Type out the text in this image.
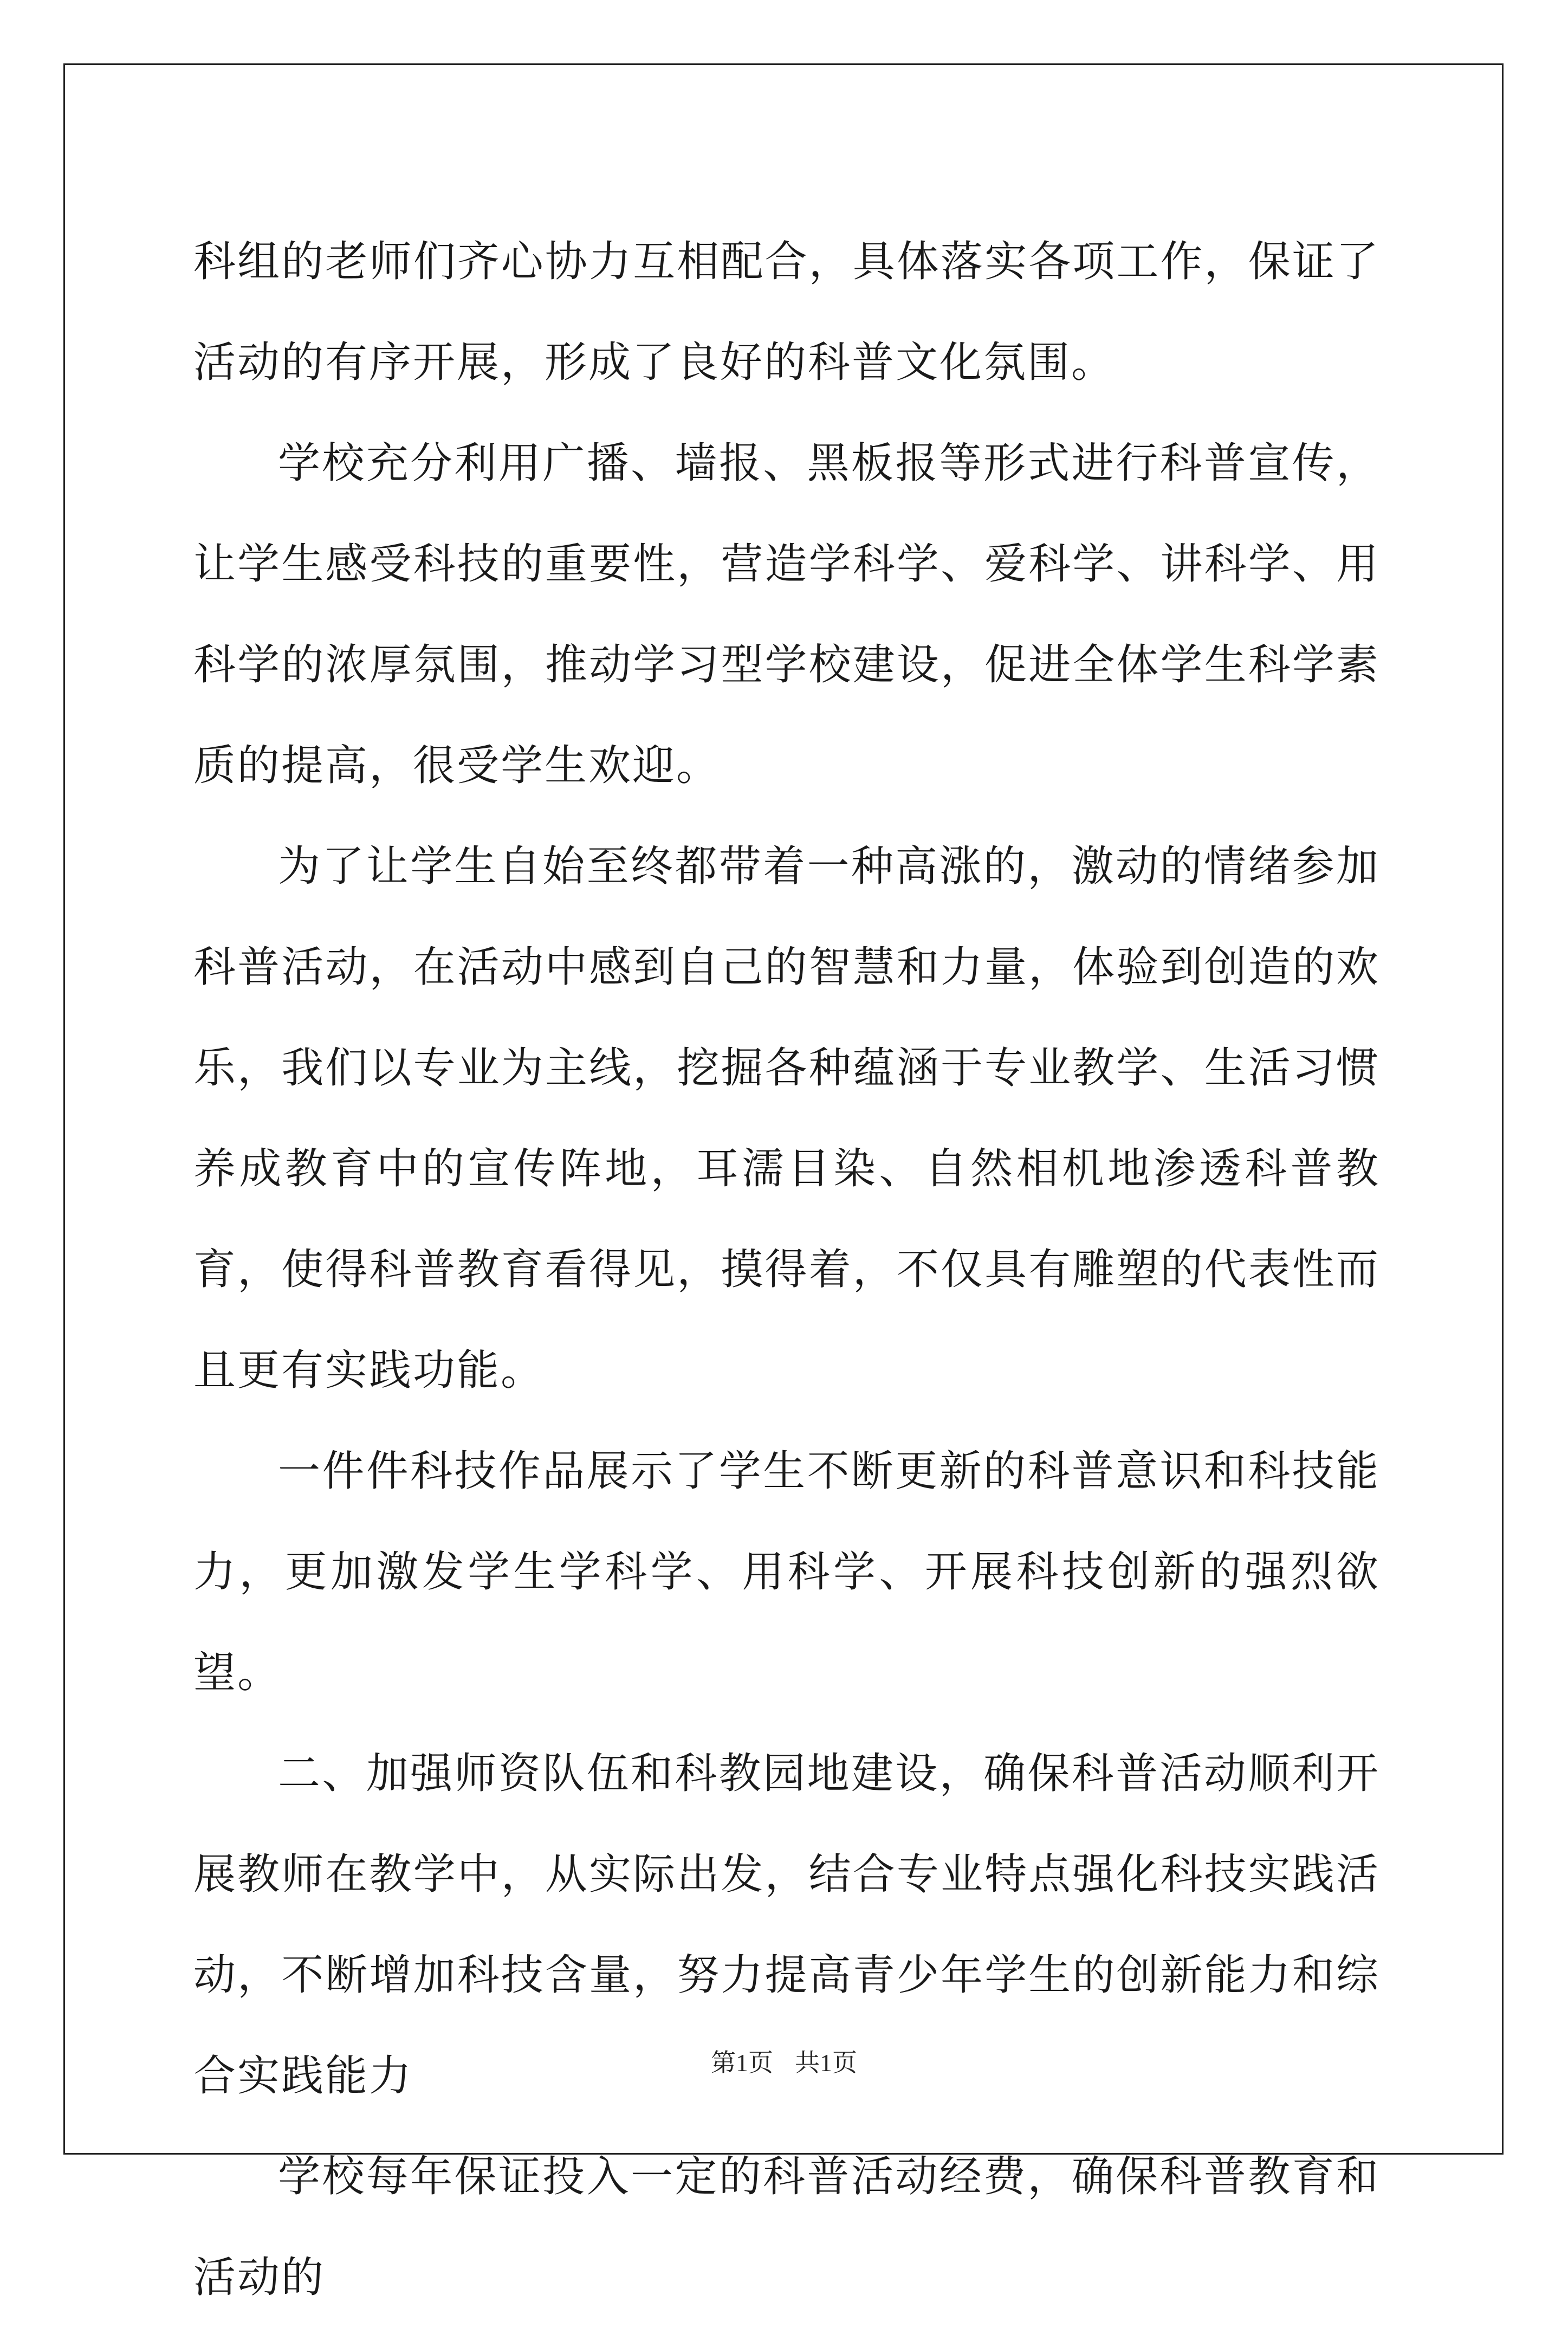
科组的老师们齐心协力互相配合，具体落实各项工作，保证了活动的有序开展，形成了良好的科普文化氛围。

学校充分利用广播、墙报、黑板报等形式进行科普宣传，让学生感受科技的重要性，营造学科学、爱科学、讲科学、用科学的浓厚氛围，推动学习型学校建设，促进全体学生科学素质的提高，很受学生欢迎。

为了让学生自始至终都带着一种高涨的，激动的情绪参加科普活动，在活动中感到自己的智慧和力量，体验到创造的欢乐，我们以专业为主线，挖掘各种蕴涵于专业教学、生活习惯养成教育中的宣传阵地，耳濡目染、自然相机地渗透科普教育，使得科普教育看得见，摸得着，不仅具有雕塑的代表性而且更有实践功能。

一件件科技作品展示了学生不断更新的科普意识和科技能力，更加激发学生学科学、用科学、开展科技创新的强烈欲望。

二、加强师资队伍和科教园地建设，确保科普活动顺利开展教师在教学中，从实际出发，结合专业特点强化科技实践活动，不断增加科技含量，努力提高青少年学生的创新能力和综合实践能力

学校每年保证投入一定的科普活动经费，确保科普教育和活动的

第1页 共1页
